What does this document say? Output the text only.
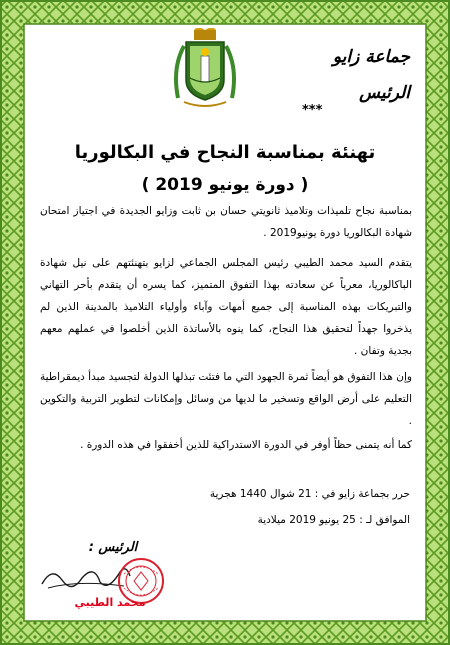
جماعة زايو
الرئيس
***
تهنئة بمناسبة النجاح في البكالوريا
( دورة يونيو 2019 )
بمناسبة نجاح تلميذات وتلاميذ ثانويتي حسان بن ثابت وزايو الجديدة في اجتياز امتحان شهادة البكالوريا دورة يونيو2019 .
يتقدم السيد محمد الطيبي رئيس المجلس الجماعي لزايو بتهنئتهم على نيل شهادة الباكالوريا، معرباً عن سعادته بهذا التفوق المتميز، كما يسره أن يتقدم بأحر التهاني والتبريكات بهذه المناسبة إلى جميع أمهات وآباء وأولياء التلاميذ بالمدينة الذين لم يذخروا جهداً لتحقيق هذا النجاح، كما ينوه بالأساتذة الذين أخلصوا في عملهم معهم بجدية وتفان .
وإن هذا التفوق هو أيضاً ثمرة الجهود التي ما فتئت تبذلها الدولة لتجسيد مبدأ ديمقراطية التعليم على أرض الواقع وتسخير ما لديها من وسائل وإمكانات لتطوير التربية والتكوين .
كما أنه يتمنى حظاً أوفر في الدورة الاستدراكية للذين أخفقوا في هذه الدورة .
حرر بجماعة زايو في : 21 شوال 1440 هجرية
الموافق لـ : 25 يونيو 2019 ميلادية
الرئيس :
محمد الطيبي
